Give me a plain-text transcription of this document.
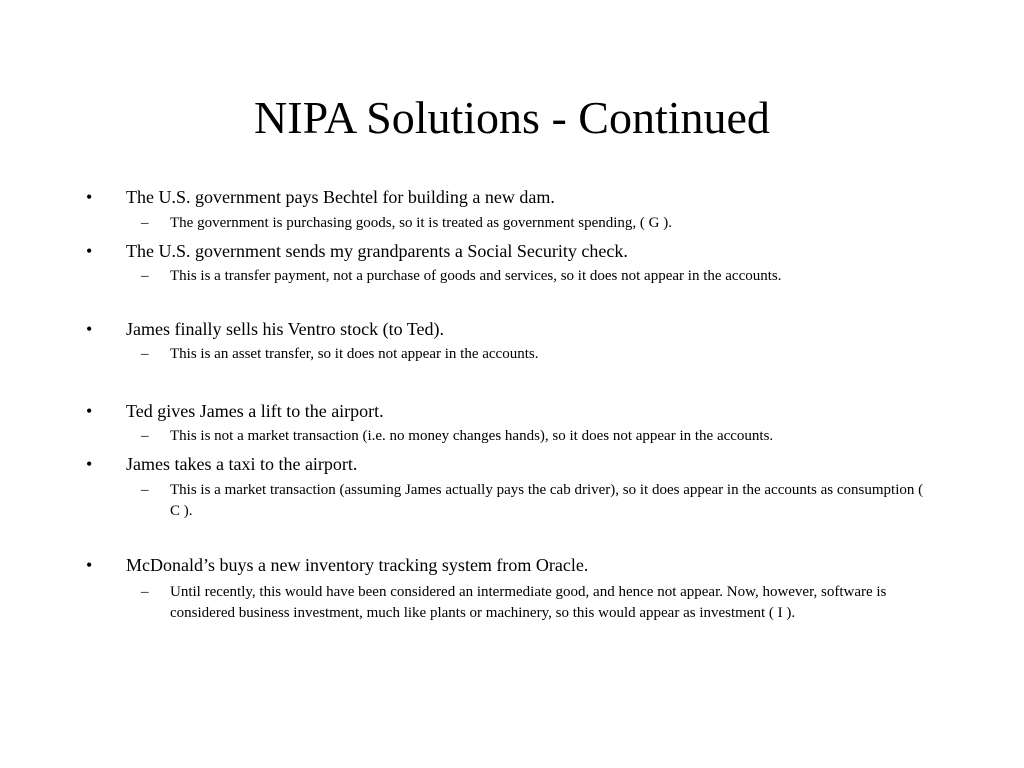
NIPA Solutions - Continued
•	The U.S. government pays Bechtel for building a new dam.
–	The government is purchasing goods, so it is treated as government spending, ( G ).
•	The U.S. government sends my grandparents a Social Security check.
–	This is a transfer payment, not a purchase of goods and services, so it does not appear in the accounts.
•	James finally sells his Ventro stock (to Ted).
–	This is an asset transfer, so it does not appear in the accounts.
•	Ted gives James a lift to the airport.
–	This is not a market transaction (i.e. no money changes hands), so it does not appear in the accounts.
•	James takes a taxi to the airport.
–	This is a market transaction (assuming James actually pays the cab driver), so it does appear in the accounts as consumption ( C ).
•	McDonald’s buys a new inventory tracking system from Oracle.
–	Until recently, this would have been considered an intermediate good, and hence not appear. Now, however, software is considered business investment, much like plants or machinery, so this would appear as investment ( I ).
